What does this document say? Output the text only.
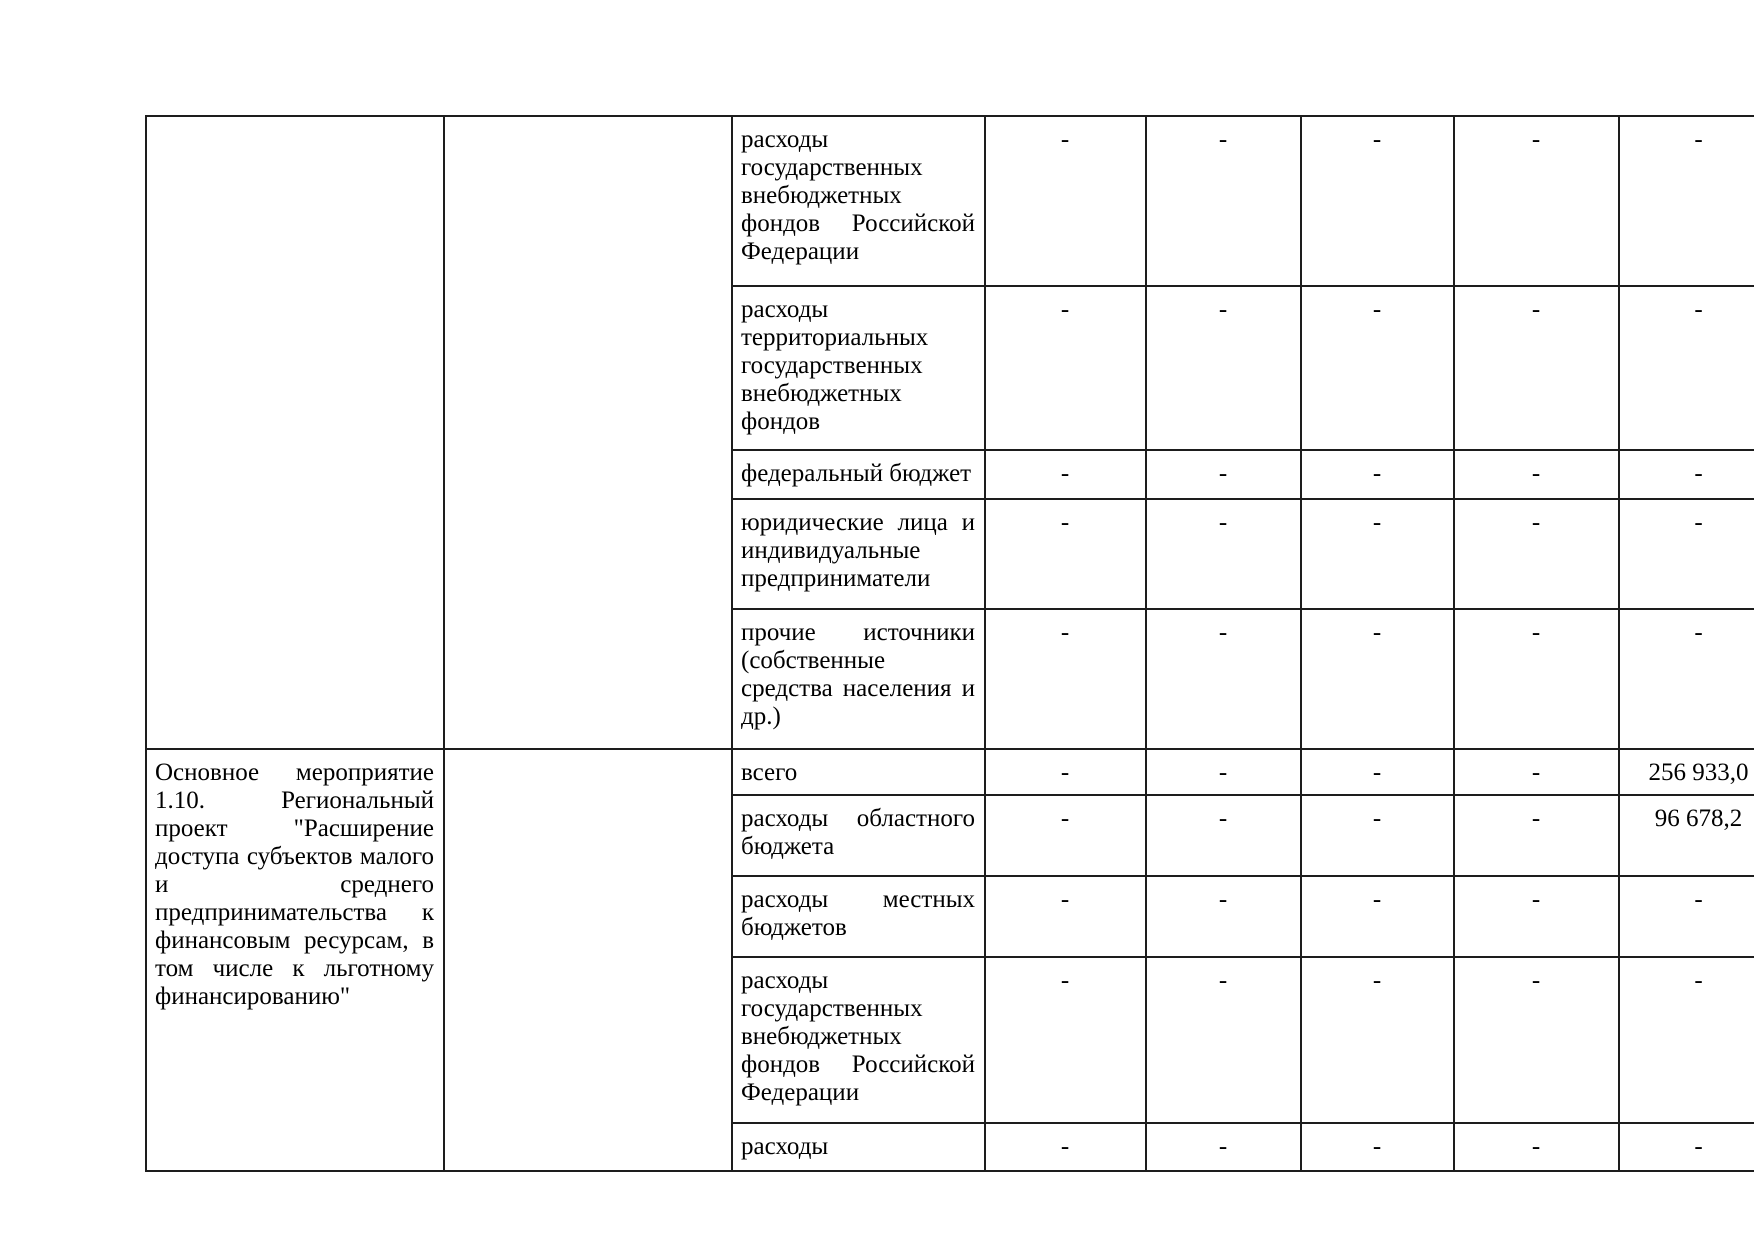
		расходы государственных внебюджетных фондов Российской Федерации	-	-	-	-	-
		расходы территориальных государственных внебюджетных фондов	-	-	-	-	-
		федеральный бюджет	-	-	-	-	-
		юридические лица и индивидуальные предприниматели	-	-	-	-	-
		прочие источники (собственные средства населения и др.)	-	-	-	-	-
Основное мероприятие 1.10. Региональный проект "Расширение доступа субъектов малого и среднего предпринимательства к финансовым ресурсам, в том числе к льготному финансированию"		всего	-	-	-	-	256 933,0
		расходы областного бюджета	-	-	-	-	96 678,2
		расходы местных бюджетов	-	-	-	-	-
		расходы государственных внебюджетных фондов Российской Федерации	-	-	-	-	-
		расходы	-	-	-	-	-
